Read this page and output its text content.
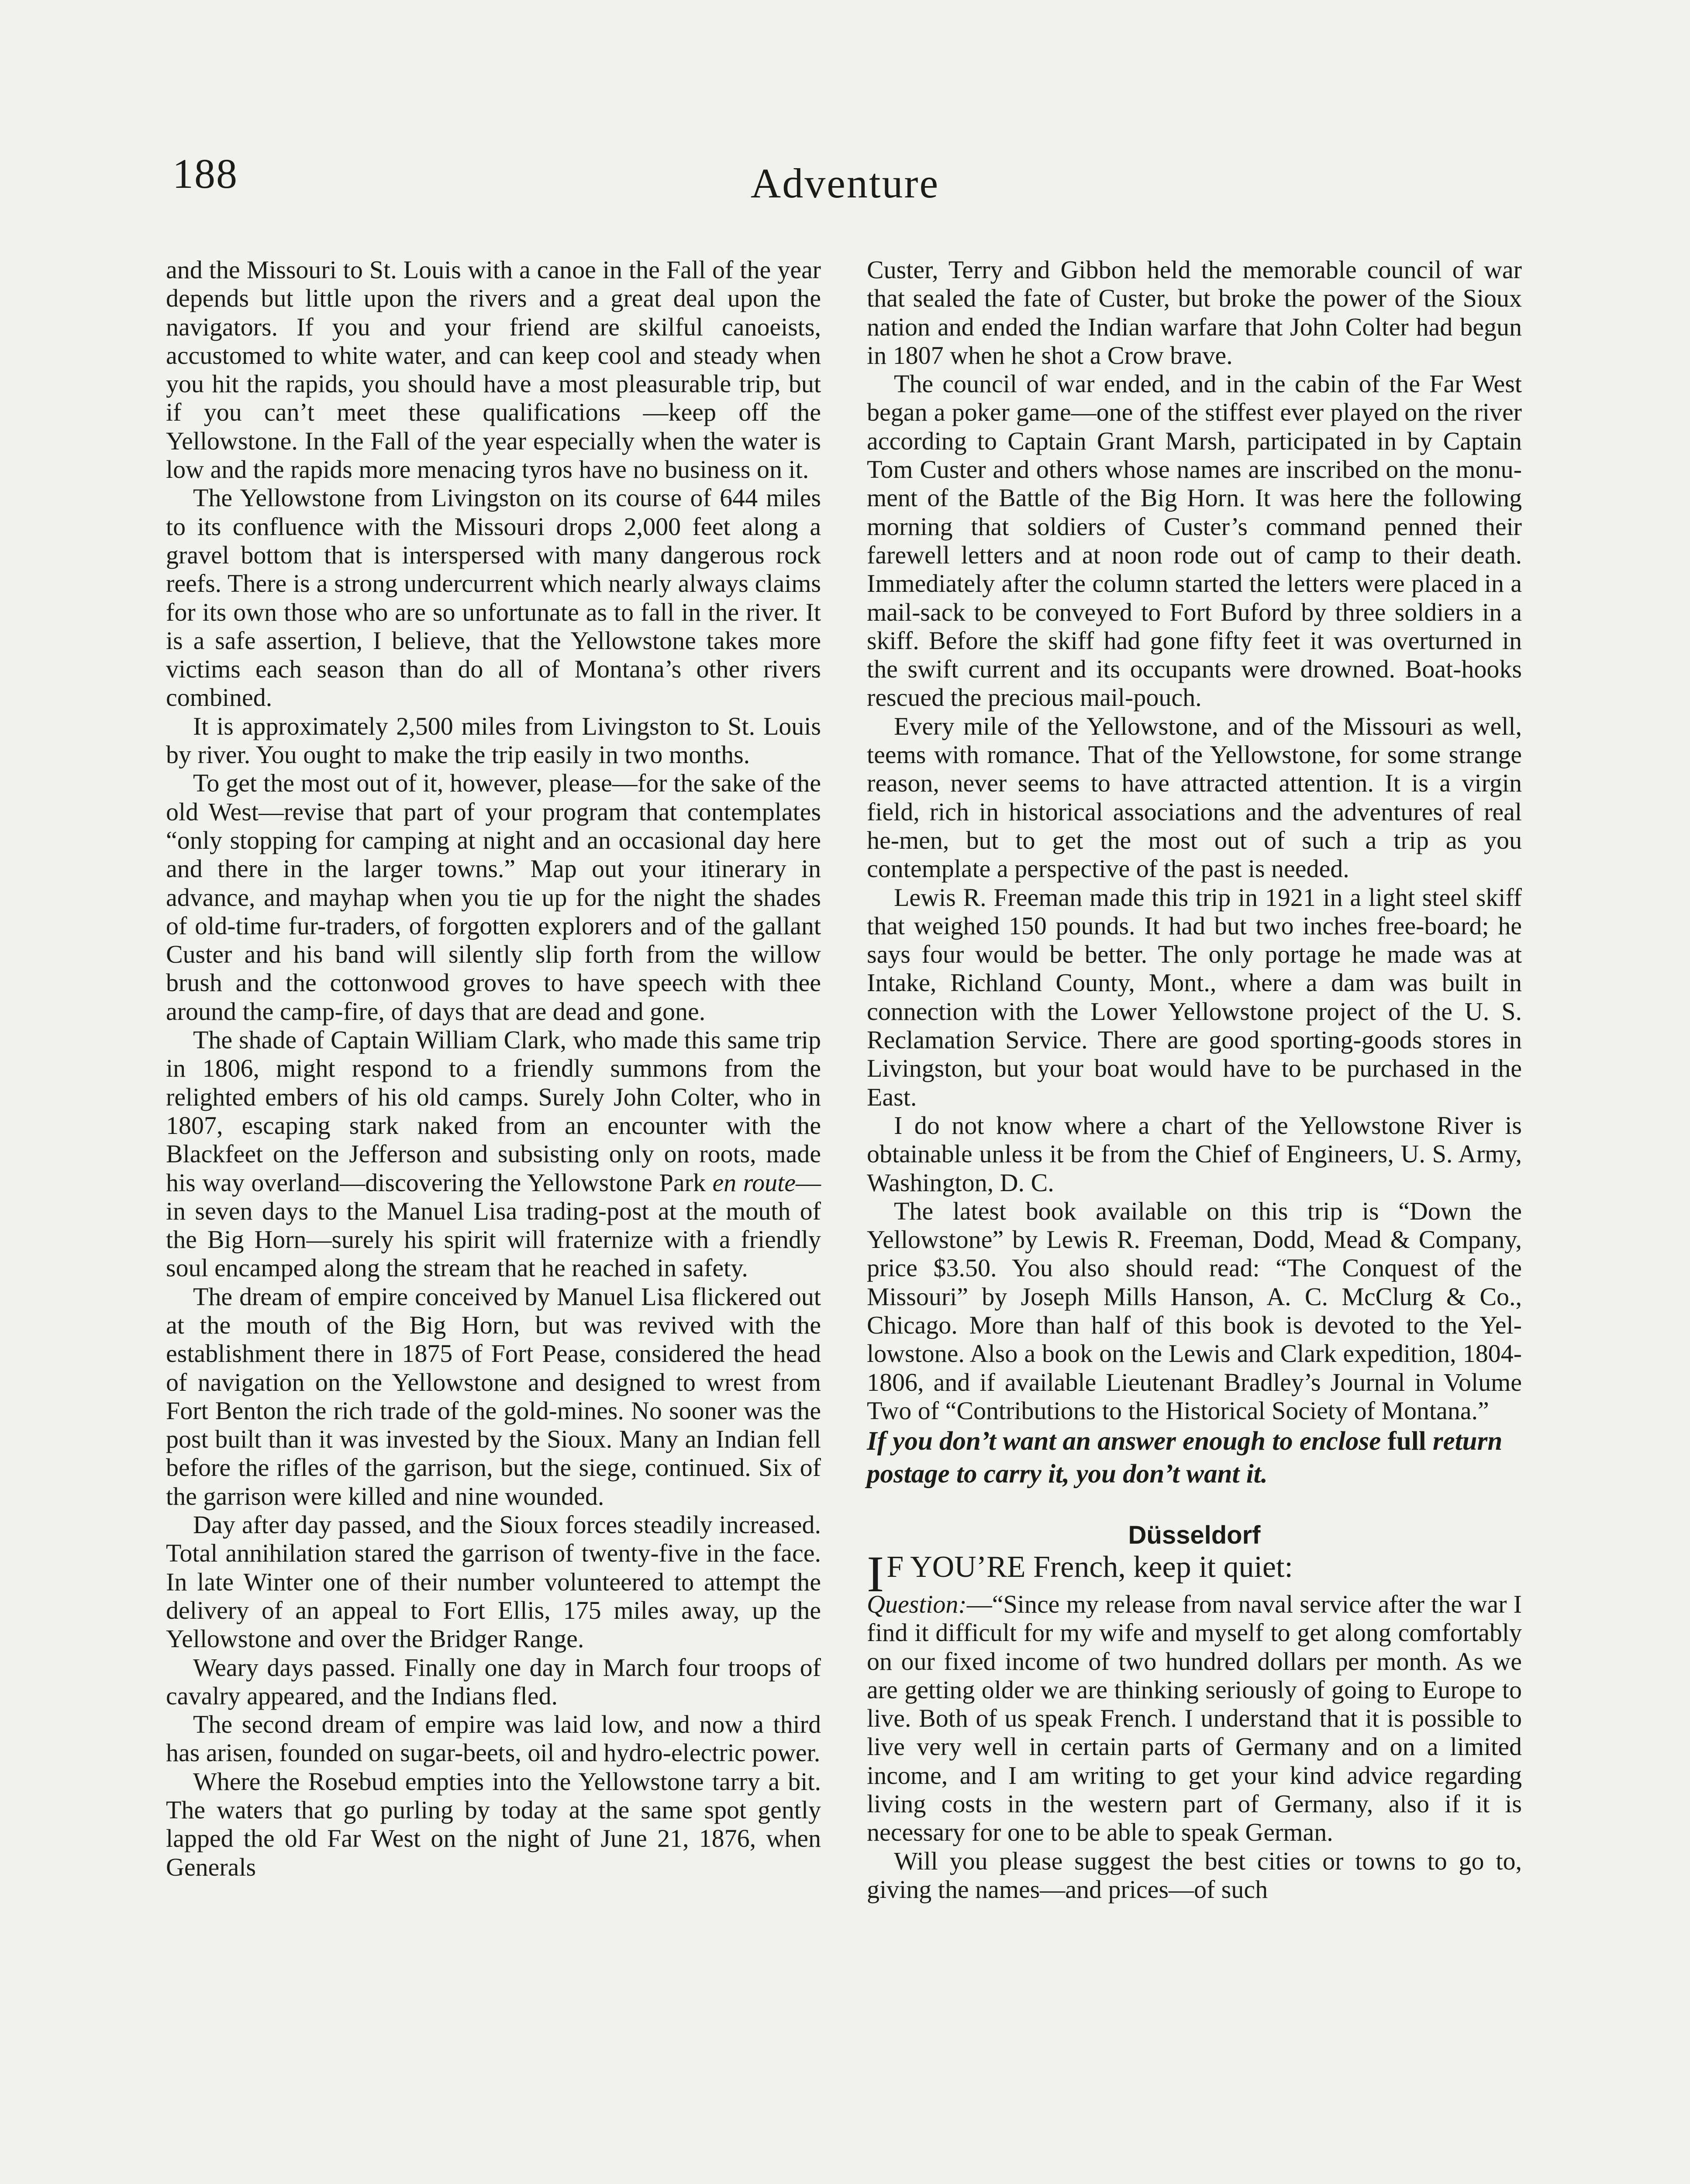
188	Adventure

and the Missouri to St. Louis with a canoe in the Fall of the year depends but little upon the rivers and a great deal upon the navigators. If you and your friend are skilful canoeists, accustomed to white water, and can keep cool and steady when you hit the rapids, you should have a most pleasurable trip, but if you can’t meet these qualifications —keep off the Yellowstone. In the Fall of the year especially when the water is low and the rapids more menacing tyros have no business on it.

The Yellowstone from Livingston on its course of 644 miles to its confluence with the Missouri drops 2,000 feet along a gravel bottom that is interspersed with many dangerous rock reefs. There is a strong undercurrent which nearly always claims for its own those who are so unfortunate as to fall in the river. It is a safe assertion, I believe, that the Yellowstone takes more victims each season than do all of Montana’s other rivers combined.

It is approximately 2,500 miles from Livingston to St. Louis by river. You ought to make the trip easily in two months.

To get the most out of it, however, please—for the sake of the old West—revise that part of your program that contemplates “only stopping for camping at night and an occasional day here and there in the larger towns.” Map out your itinerary in advance, and mayhap when you tie up for the night the shades of old-time fur-traders, of forgotten explorers and of the gallant Custer and his band will silently slip forth from the willow brush and the cottonwood groves to have speech with thee around the camp-fire, of days that are dead and gone.

The shade of Captain William Clark, who made this same trip in 1806, might respond to a friendly summons from the relighted embers of his old camps. Surely John Colter, who in 1807, escaping stark naked from an encounter with the Blackfeet on the Jefferson and subsisting only on roots, made his way overland—discovering the Yellowstone Park en route—in seven days to the Manuel Lisa trading-post at the mouth of the Big Horn—surely his spirit will fraternize with a friendly soul encamped along the stream that he reached in safety.

The dream of empire conceived by Manuel Lisa flickered out at the mouth of the Big Horn, but was revived with the establishment there in 1875 of Fort Pease, considered the head of navigation on the Yellowstone and designed to wrest from Fort Benton the rich trade of the gold-mines. No sooner was the post built than it was invested by the Sioux. Many an Indian fell before the rifles of the garrison, but the siege, continued. Six of the garrison were killed and nine wounded.

Day after day passed, and the Sioux forces steadily increased. Total annihilation stared the garrison of twenty-five in the face. In late Winter one of their number volunteered to attempt the delivery of an appeal to Fort Ellis, 175 miles away, up the Yellowstone and over the Bridger Range.

Weary days passed. Finally one day in March four troops of cavalry appeared, and the Indians fled.

The second dream of empire was laid low, and now a third has arisen, founded on sugar-beets, oil and hydro-electric power.

Where the Rosebud empties into the Yellowstone tarry a bit. The waters that go purling by today at the same spot gently lapped the old Far West on the night of June 21, 1876, when Generals

Custer, Terry and Gibbon held the memorable council of war that sealed the fate of Custer, but broke the power of the Sioux nation and ended the Indian warfare that John Colter had begun in 1807 when he shot a Crow brave.

The council of war ended, and in the cabin of the Far West began a poker game—one of the stiffest ever played on the river according to Captain Grant Marsh, participated in by Captain Tom Custer and others whose names are inscribed on the monument of the Battle of the Big Horn. It was here the following morning that soldiers of Custer’s command penned their farewell letters and at noon rode out of camp to their death. Immediately after the column started the letters were placed in a mail-sack to be conveyed to Fort Buford by three soldiers in a skiff. Before the skiff had gone fifty feet it was overturned in the swift current and its occupants were drowned. Boat-hooks rescued the precious mail-pouch.

Every mile of the Yellowstone, and of the Missouri as well, teems with romance. That of the Yellowstone, for some strange reason, never seems to have attracted attention. It is a virgin field, rich in historical associations and the adventures of real he-men, but to get the most out of such a trip as you contemplate a perspective of the past is needed.

Lewis R. Freeman made this trip in 1921 in a light steel skiff that weighed 150 pounds. It had but two inches free-board; he says four would be better. The only portage he made was at Intake, Richland County, Mont., where a dam was built in connection with the Lower Yellowstone project of the U. S. Reclamation Service. There are good sporting-goods stores in Livingston, but your boat would have to be purchased in the East.

I do not know where a chart of the Yellowstone River is obtainable unless it be from the Chief of Engineers, U. S. Army, Washington, D. C.

The latest book available on this trip is “Down the Yellowstone” by Lewis R. Freeman, Dodd, Mead & Company, price $3.50. You also should read: “The Conquest of the Missouri” by Joseph Mills Hanson, A. C. McClurg & Co., Chicago. More than half of this book is devoted to the Yellowstone. Also a book on the Lewis and Clark expedition, 1804-1806, and if available Lieutenant Bradley’s Journal in Volume Two of “Contributions to the Historical Society of Montana.”

If you don’t want an answer enough to enclose full return postage to carry it, you don’t want it.

Düsseldorf

IF YOU’RE French, keep it quiet:

Question:—“Since my release from naval service after the war I find it difficult for my wife and myself to get along comfortably on our fixed income of two hundred dollars per month. As we are getting older we are thinking seriously of going to Europe to live. Both of us speak French. I understand that it is possible to live very well in certain parts of Germany and on a limited income, and I am writing to get your kind advice regarding living costs in the western part of Germany, also if it is necessary for one to be able to speak German.

Will you please suggest the best cities or towns to go to, giving the names—and prices—of such
